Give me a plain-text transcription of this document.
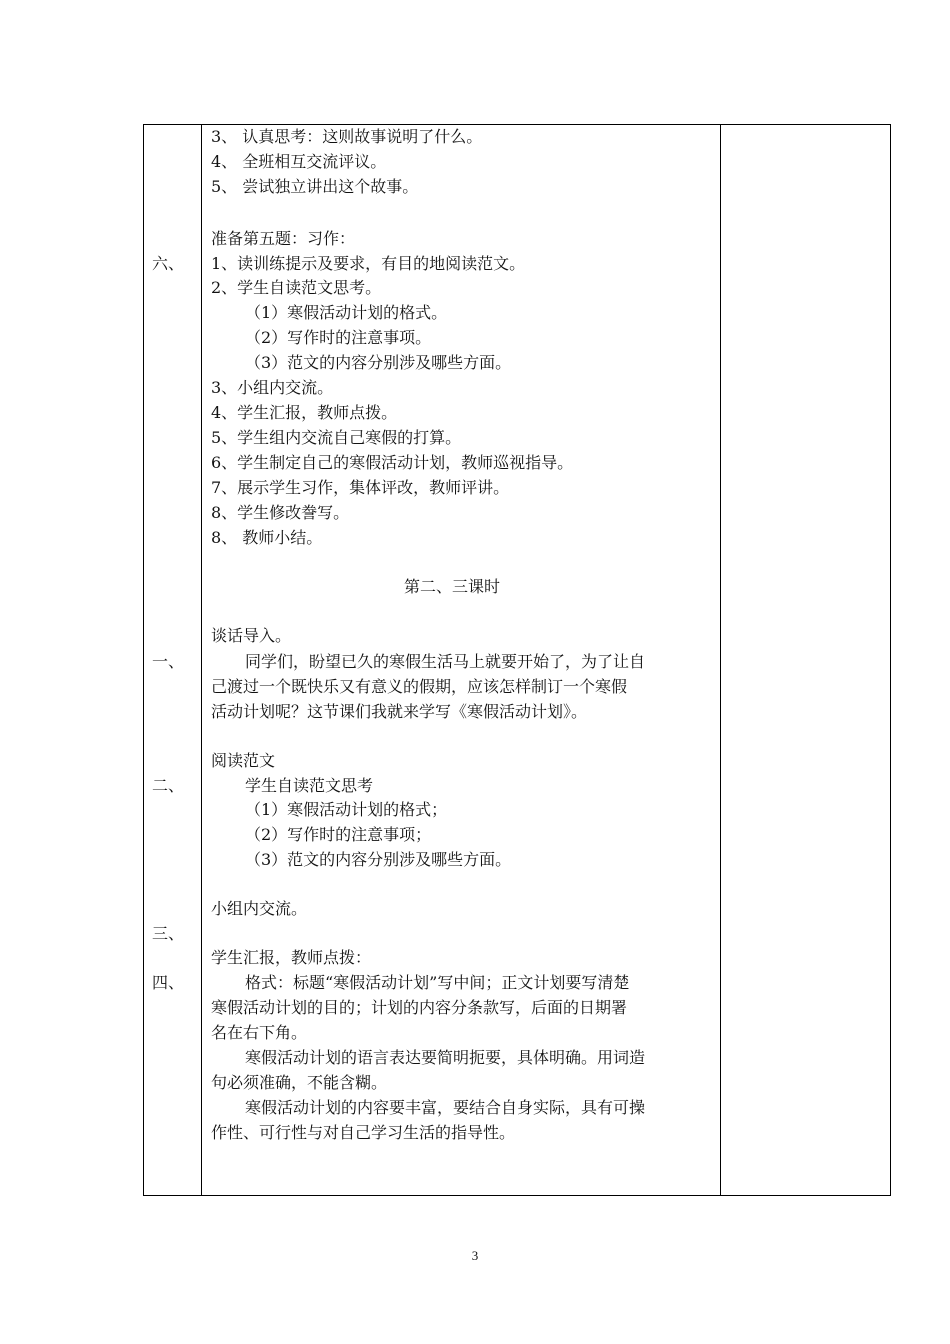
3、 认真思考：这则故事说明了什么。
4、 全班相互交流评议。
5、 尝试独立讲出这个故事。
六、
准备第五题：习作：
1、读训练提示及要求，有目的地阅读范文。
2、学生自读范文思考。
（1）寒假活动计划的格式。
（2）写作时的注意事项。
（3）范文的内容分别涉及哪些方面。
3、小组内交流。
4、学生汇报，教师点拨。
5、学生组内交流自己寒假的打算。
6、学生制定自己的寒假活动计划，教师巡视指导。
7、展示学生习作，集体评改，教师评讲。
8、学生修改誊写。
8、 教师小结。
第二、三课时
一、
谈话导入。
同学们，盼望已久的寒假生活马上就要开始了，为了让自
己渡过一个既快乐又有意义的假期，应该怎样制订一个寒假
活动计划呢？这节课们我就来学写《寒假活动计划》。
二、
阅读范文
学生自读范文思考
（1）寒假活动计划的格式；
（2）写作时的注意事项；
（3）范文的内容分别涉及哪些方面。
三、
小组内交流。
四、
学生汇报，教师点拨：
格式：标题“寒假活动计划”写中间；正文计划要写清楚
寒假活动计划的目的；计划的内容分条款写，后面的日期署
名在右下角。
寒假活动计划的语言表达要简明扼要，具体明确。用词造
句必须准确，不能含糊。
寒假活动计划的内容要丰富，要结合自身实际，具有可操
作性、可行性与对自己学习生活的指导性。
3
